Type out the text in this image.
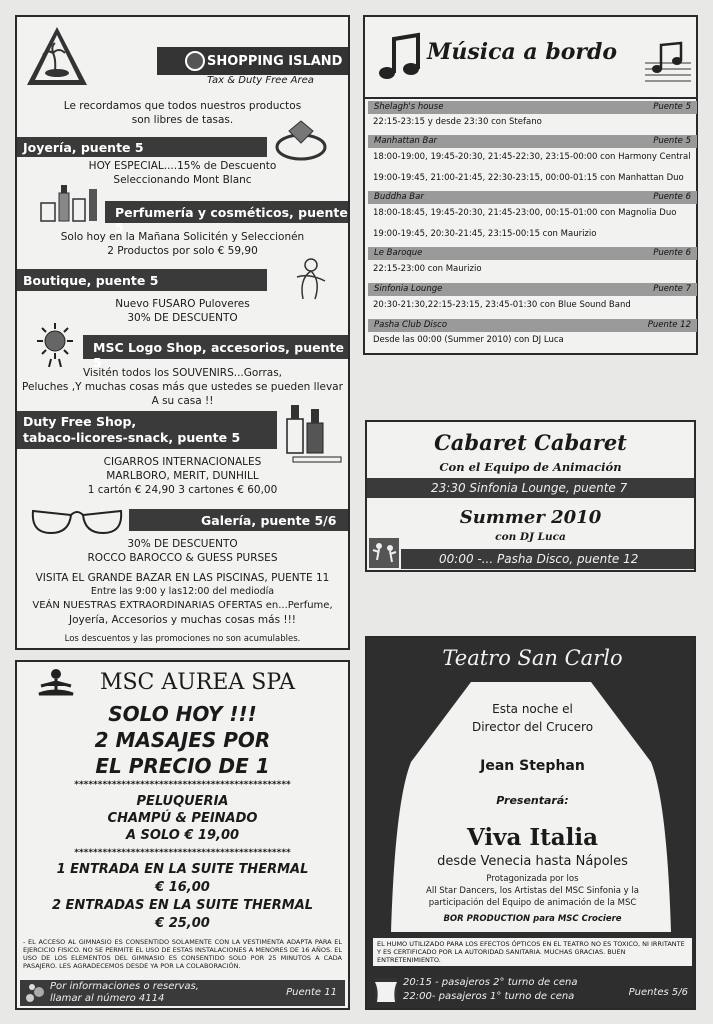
SHOPPING ISLAND
Tax & Duty Free Area
Le recordamos que todos nuestros productos
son libres de tasas.
Joyería, puente 5
HOY ESPECIAL....15% de Descuento
Seleccionando Mont Blanc
Perfumería y cosméticos, puente 5
Solo hoy en la Mañana Solicitén y Seleccionén
2 Productos por solo € 59,90
Boutique, puente 5
Nuevo FUSARO Puloveres
30% DE DESCUENTO
MSC Logo Shop, accesorios, puente 5
Visitén todos los SOUVENIRS...Gorras,
Peluches ,Y muchas cosas más que ustedes se pueden llevar
A su casa !!
Duty Free Shop,
tabaco-licores-snack, puente 5
CIGARROS INTERNACIONALES
MARLBORO, MERIT, DUNHILL
1 cartón € 24,90 3 cartones € 60,00
Galería, puente 5/6
30% DE DESCUENTO
ROCCO BAROCCO & GUESS PURSES
VISITA EL GRANDE BAZAR EN LAS PISCINAS, PUENTE 11
Entre las 9:00 y las12:00 del mediodía
VEÁN NUESTRAS EXTRAORDINARIAS OFERTAS en...Perfume,
Joyería, Accesorios y muchas cosas más !!!
Los descuentos y las promociones no son acumulables.
Música a bordo
Shelagh's house	Puente 5
22:15-23:15 y desde 23:30 con Stefano
Manhattan Bar	Puente 5
18:00-19:00, 19:45-20:30, 21:45-22:30, 23:15-00:00 con Harmony Central
19:00-19:45, 21:00-21:45, 22:30-23:15, 00:00-01:15 con Manhattan Duo
Buddha Bar	Puente 6
18:00-18:45, 19:45-20:30, 21:45-23:00, 00:15-01:00 con Magnolia Duo
19:00-19:45, 20:30-21:45, 23:15-00:15 con Maurizio
Le Baroque	Puente 6
22:15-23:00 con Maurizio
Sinfonia Lounge	Puente 7
20:30-21:30,22:15-23:15, 23:45-01:30 con Blue Sound Band
Pasha Club Disco	Puente 12
Desde las 00:00 (Summer 2010) con DJ Luca
Cabaret Cabaret
Con el Equipo de Animación
23:30 Sinfonia Lounge, puente 7
Summer 2010
con DJ Luca
00:00 -... Pasha Disco, puente 12
MSC AUREA SPA
SOLO HOY !!!
2 MASAJES POR
EL PRECIO DE 1
**********************************************
PELUQUERIA
CHAMPÚ & PEINADO
A SOLO € 19,00
**********************************************
1 ENTRADA EN LA SUITE THERMAL
€ 16,00
2 ENTRADAS EN LA SUITE THERMAL
€ 25,00
- EL ACCESO AL GIMNASIO ES CONSENTIDO SOLAMENTE CON LA VESTIMENTA ADAPTA PARA EL EJERCICIO FISICO. NO SE PERMITE EL USO DE ESTAS INSTALACIONES A MENORES DE 16 AÑOS. EL USO DE LOS ELEMENTOS DEL GIMNASIO ES CONSENTIDO SOLO POR 25 MINUTOS A CADA PASAJERO. LES AGRADECEMOS DESDE YA POR LA COLABORACIÓN.
Por informaciones o reservas,
llamar al número 4114
Puente 11
Teatro San Carlo
Esta noche el
Director del Crucero
Jean Stephan
Presentará:
Viva Italia
desde Venecia hasta Nápoles
Protagonizada por los
All Star Dancers, los Artistas del MSC Sinfonia y la
participación del Equipo de animación de la MSC
BOR PRODUCTION para MSC Crociere
EL HUMO UTILIZADO PARA LOS EFECTOS ÓPTICOS EN EL TEATRO NO ES TOXICO, NI IRRITANTE Y ES CERTIFICADO POR LA AUTORIDAD SANITARIA. MUCHAS GRACIAS. BUEN ENTRETENIMIENTO.
20:15 - pasajeros 2° turno de cena
22:00- pasajeros 1° turno de cena	Puentes 5/6
